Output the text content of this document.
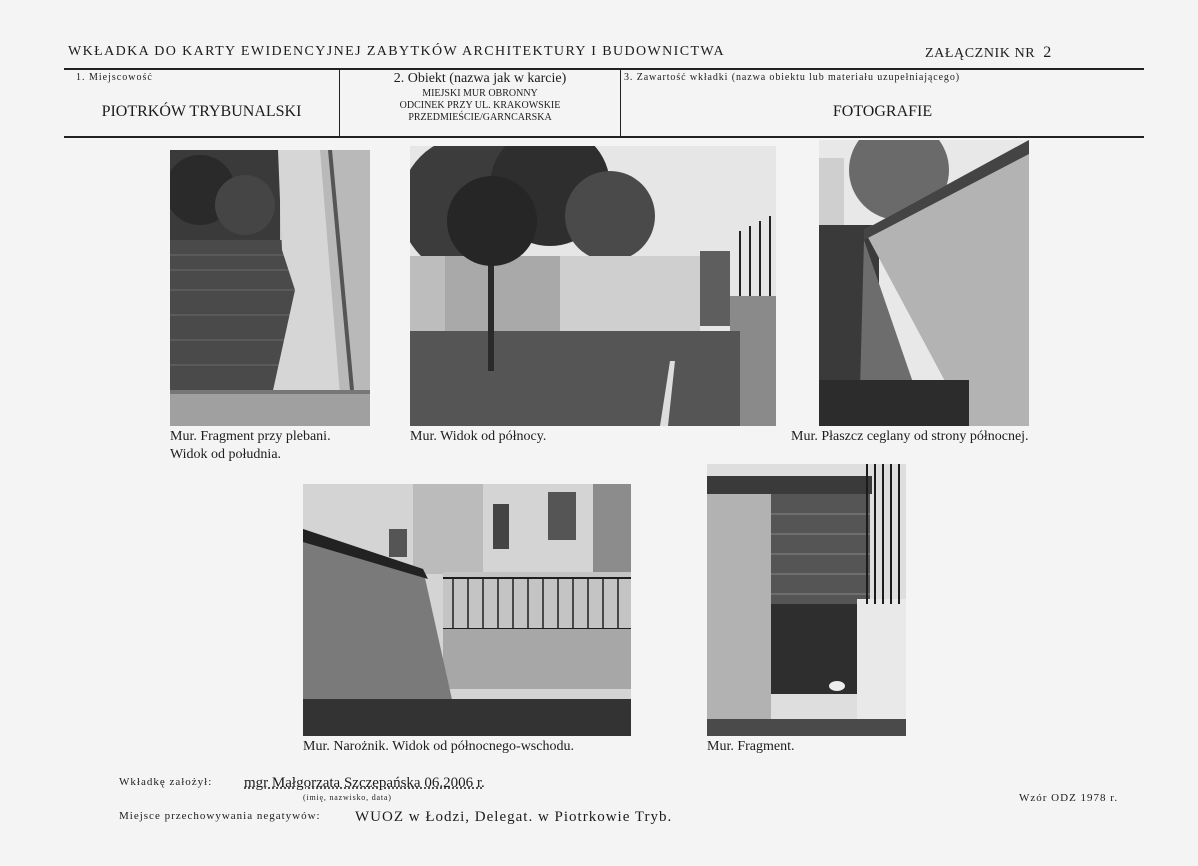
WKŁADKA DO KARTY EWIDENCYJNEJ ZABYTKÓW ARCHITEKTURY I BUDOWNICTWA	ZAŁĄCZNIK NR 2
1. Miejscowość
PIOTRKÓW TRYBUNALSKI
2. Obiekt (nazwa jak w karcie)
MIEJSKI MUR OBRONNY
ODCINEK PRZY UL. KRAKOWSKIE
PRZEDMIEŚCIE/GARNCARSKA
3. Zawartość wkładki (nazwa obiektu lub materiału uzupełniającego)
FOTOGRAFIE
Mur. Fragment przy plebani.
Widok od południa.
Mur. Widok od północy.	Mur. Płaszcz ceglany od strony północnej.
Mur. Narożnik. Widok od północnego-wschodu.	Mur. Fragment.
Wkładkę założył: mgr Małgorzata Szczepańska 06.2006 r.
(imię, nazwisko, data)	Wzór ODZ 1978 r.
Miejsce przechowywania negatywów: WUOZ w Łodzi, Delegat. w Piotrkowie Tryb.
